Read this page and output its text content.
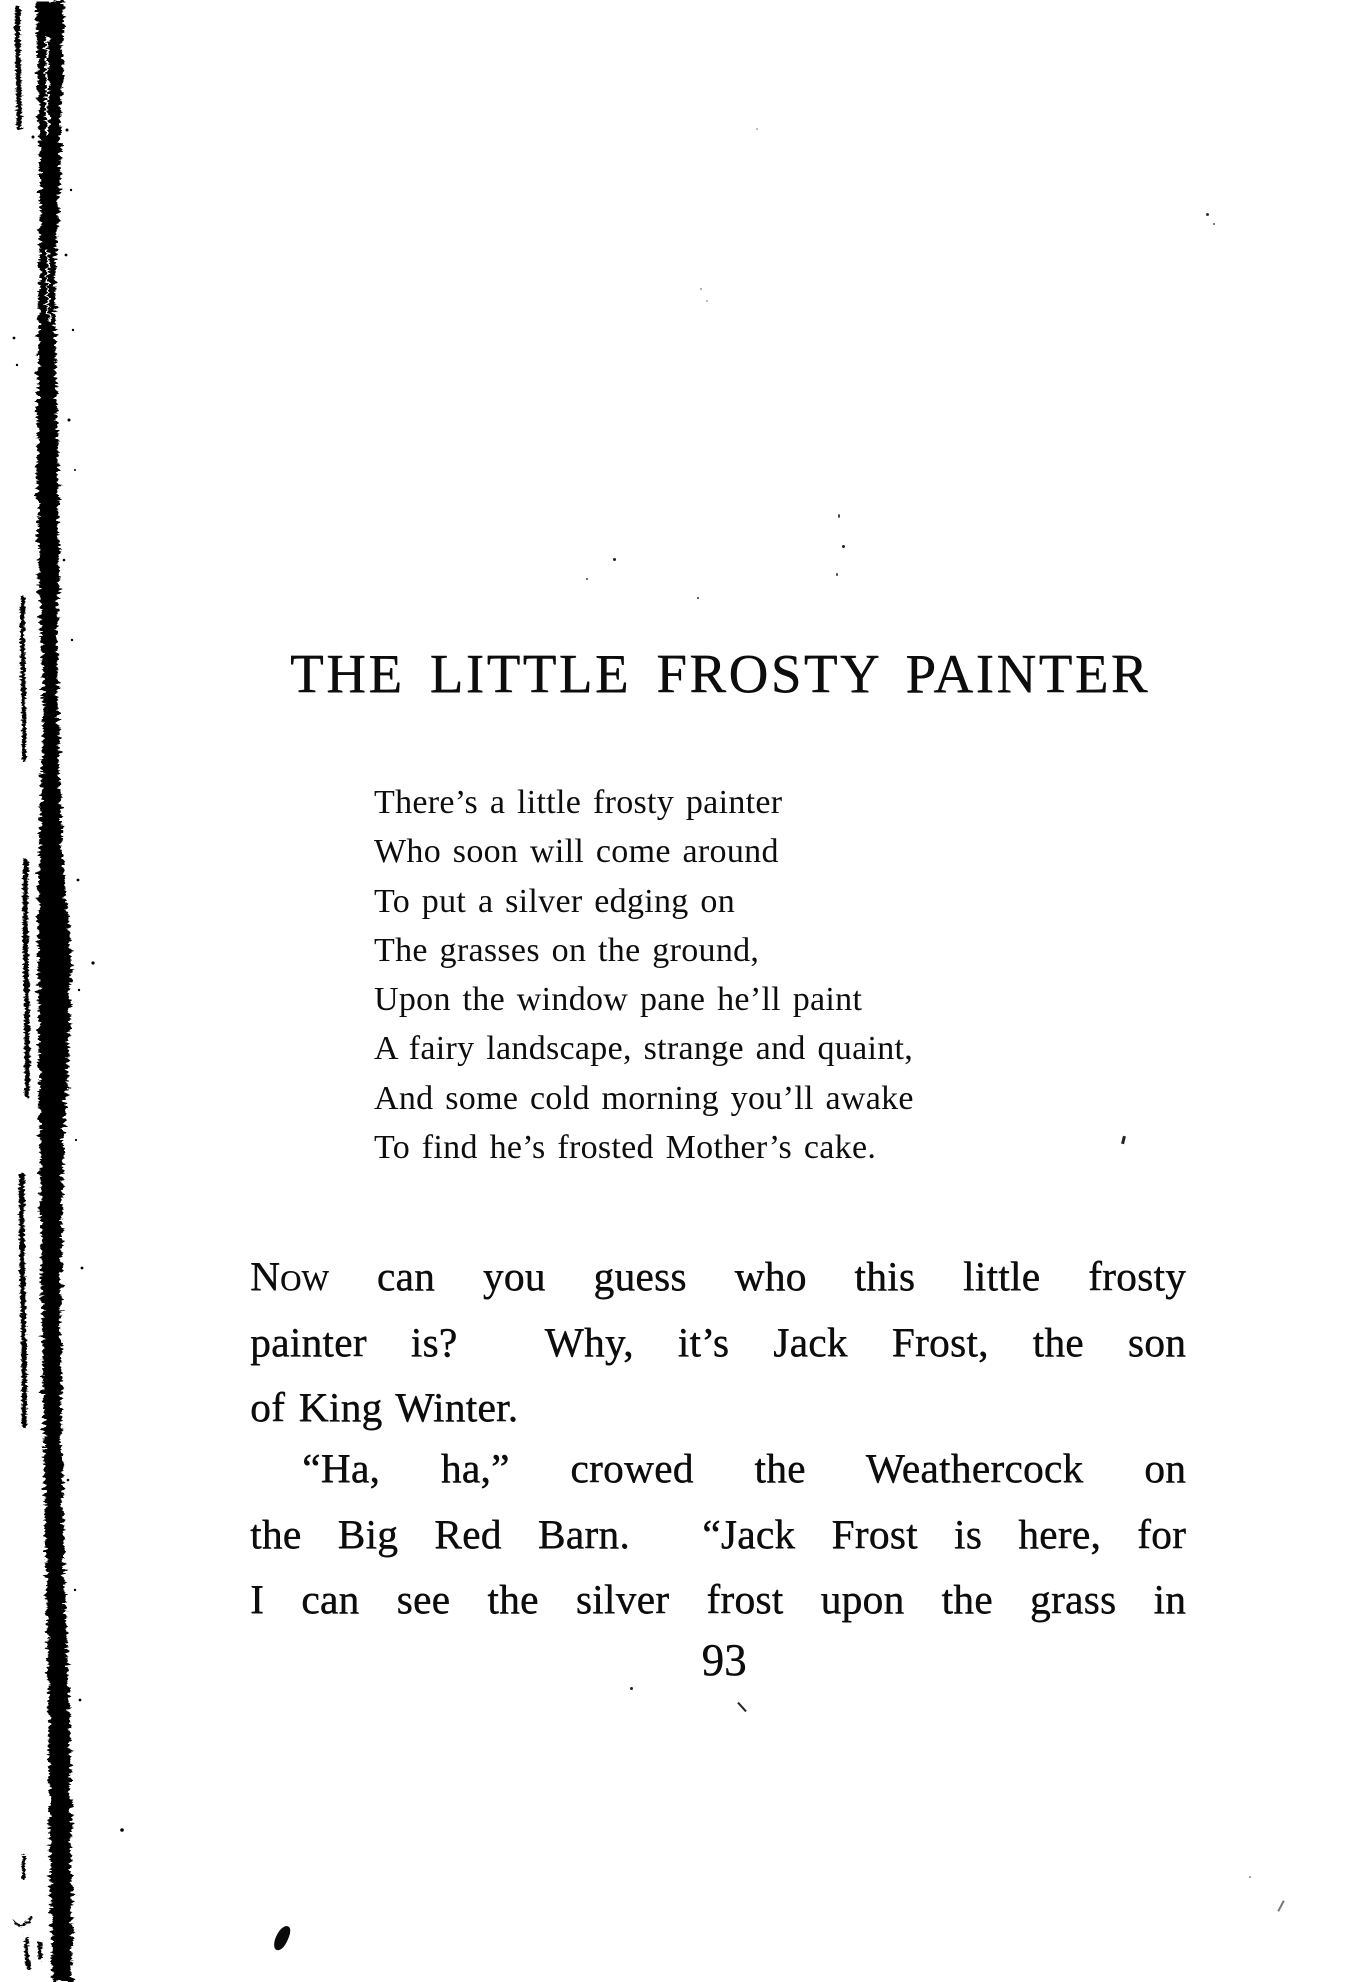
THE LITTLE FROSTY PAINTER
There’s a little frosty painter
Who soon will come around
To put a silver edging on
The grasses on the ground,
Upon the window pane he’ll paint
A fairy landscape, strange and quaint,
And some cold morning you’ll awake
To find he’s frosted Mother’s cake.
Now can you guess who this little frosty
painter is?  Why, it’s Jack Frost, the son
of King Winter.
“Ha, ha,” crowed the Weathercock on
the Big Red Barn.  “Jack Frost is here, for
I can see the silver frost upon the grass in
93
